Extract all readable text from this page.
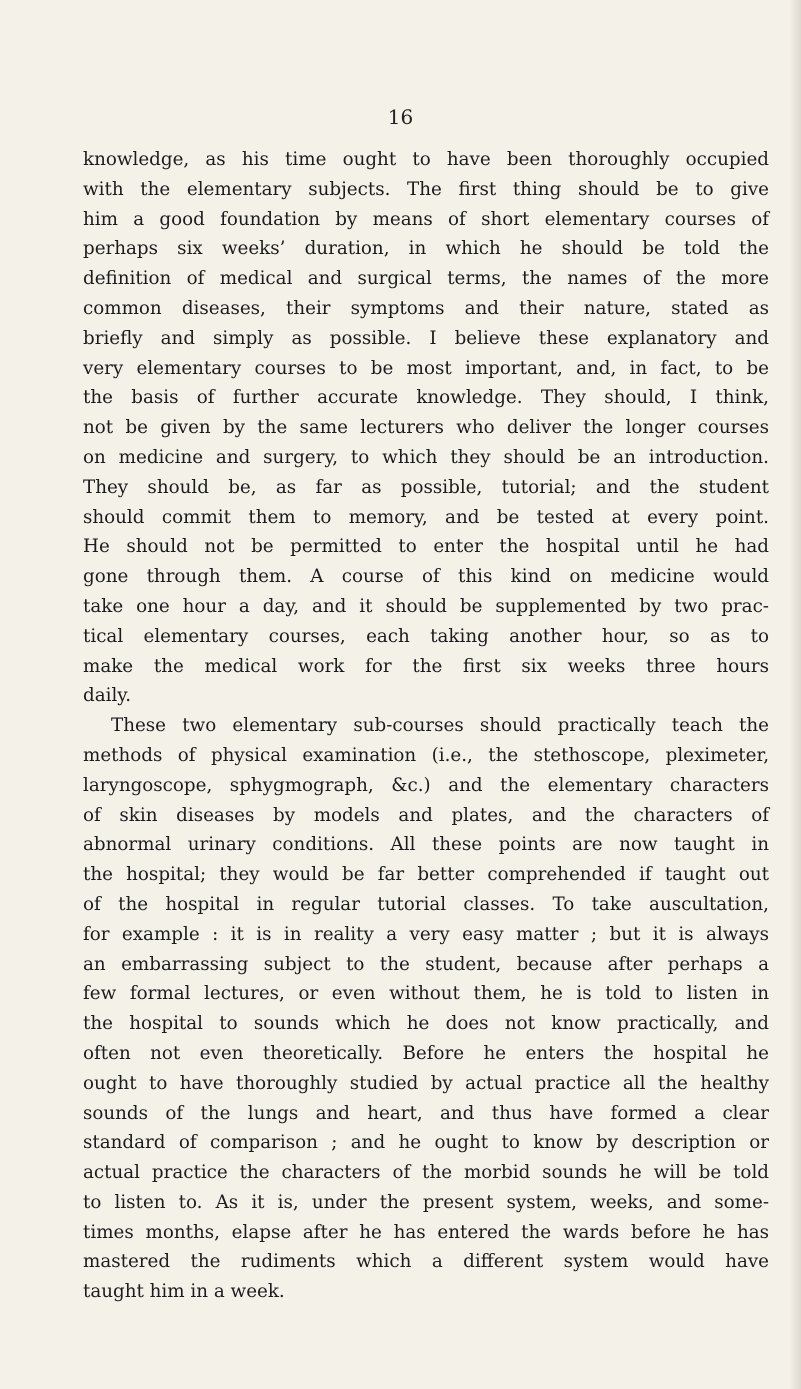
16
knowledge, as his time ought to have been thoroughly occupied
with the elementary subjects. The first thing should be to give
him a good foundation by means of short elementary courses of
perhaps six weeks’ duration, in which he should be told the
definition of medical and surgical terms, the names of the more
common diseases, their symptoms and their nature, stated as
briefly and simply as possible. I believe these explanatory and
very elementary courses to be most important, and, in fact, to be
the basis of further accurate knowledge. They should, I think,
not be given by the same lecturers who deliver the longer courses
on medicine and surgery, to which they should be an introduction.
They should be, as far as possible, tutorial; and the student
should commit them to memory, and be tested at every point.
He should not be permitted to enter the hospital until he had
gone through them. A course of this kind on medicine would
take one hour a day, and it should be supplemented by two prac-
tical elementary courses, each taking another hour, so as to
make the medical work for the first six weeks three hours
daily.
These two elementary sub-courses should practically teach the
methods of physical examination (i.e., the stethoscope, pleximeter,
laryngoscope, sphygmograph, &c.) and the elementary characters
of skin diseases by models and plates, and the characters of
abnormal urinary conditions. All these points are now taught in
the hospital; they would be far better comprehended if taught out
of the hospital in regular tutorial classes. To take auscultation,
for example : it is in reality a very easy matter ; but it is always
an embarrassing subject to the student, because after perhaps a
few formal lectures, or even without them, he is told to listen in
the hospital to sounds which he does not know practically, and
often not even theoretically. Before he enters the hospital he
ought to have thoroughly studied by actual practice all the healthy
sounds of the lungs and heart, and thus have formed a clear
standard of comparison ; and he ought to know by description or
actual practice the characters of the morbid sounds he will be told
to listen to. As it is, under the present system, weeks, and some-
times months, elapse after he has entered the wards before he has
mastered the rudiments which a different system would have
taught him in a week.
